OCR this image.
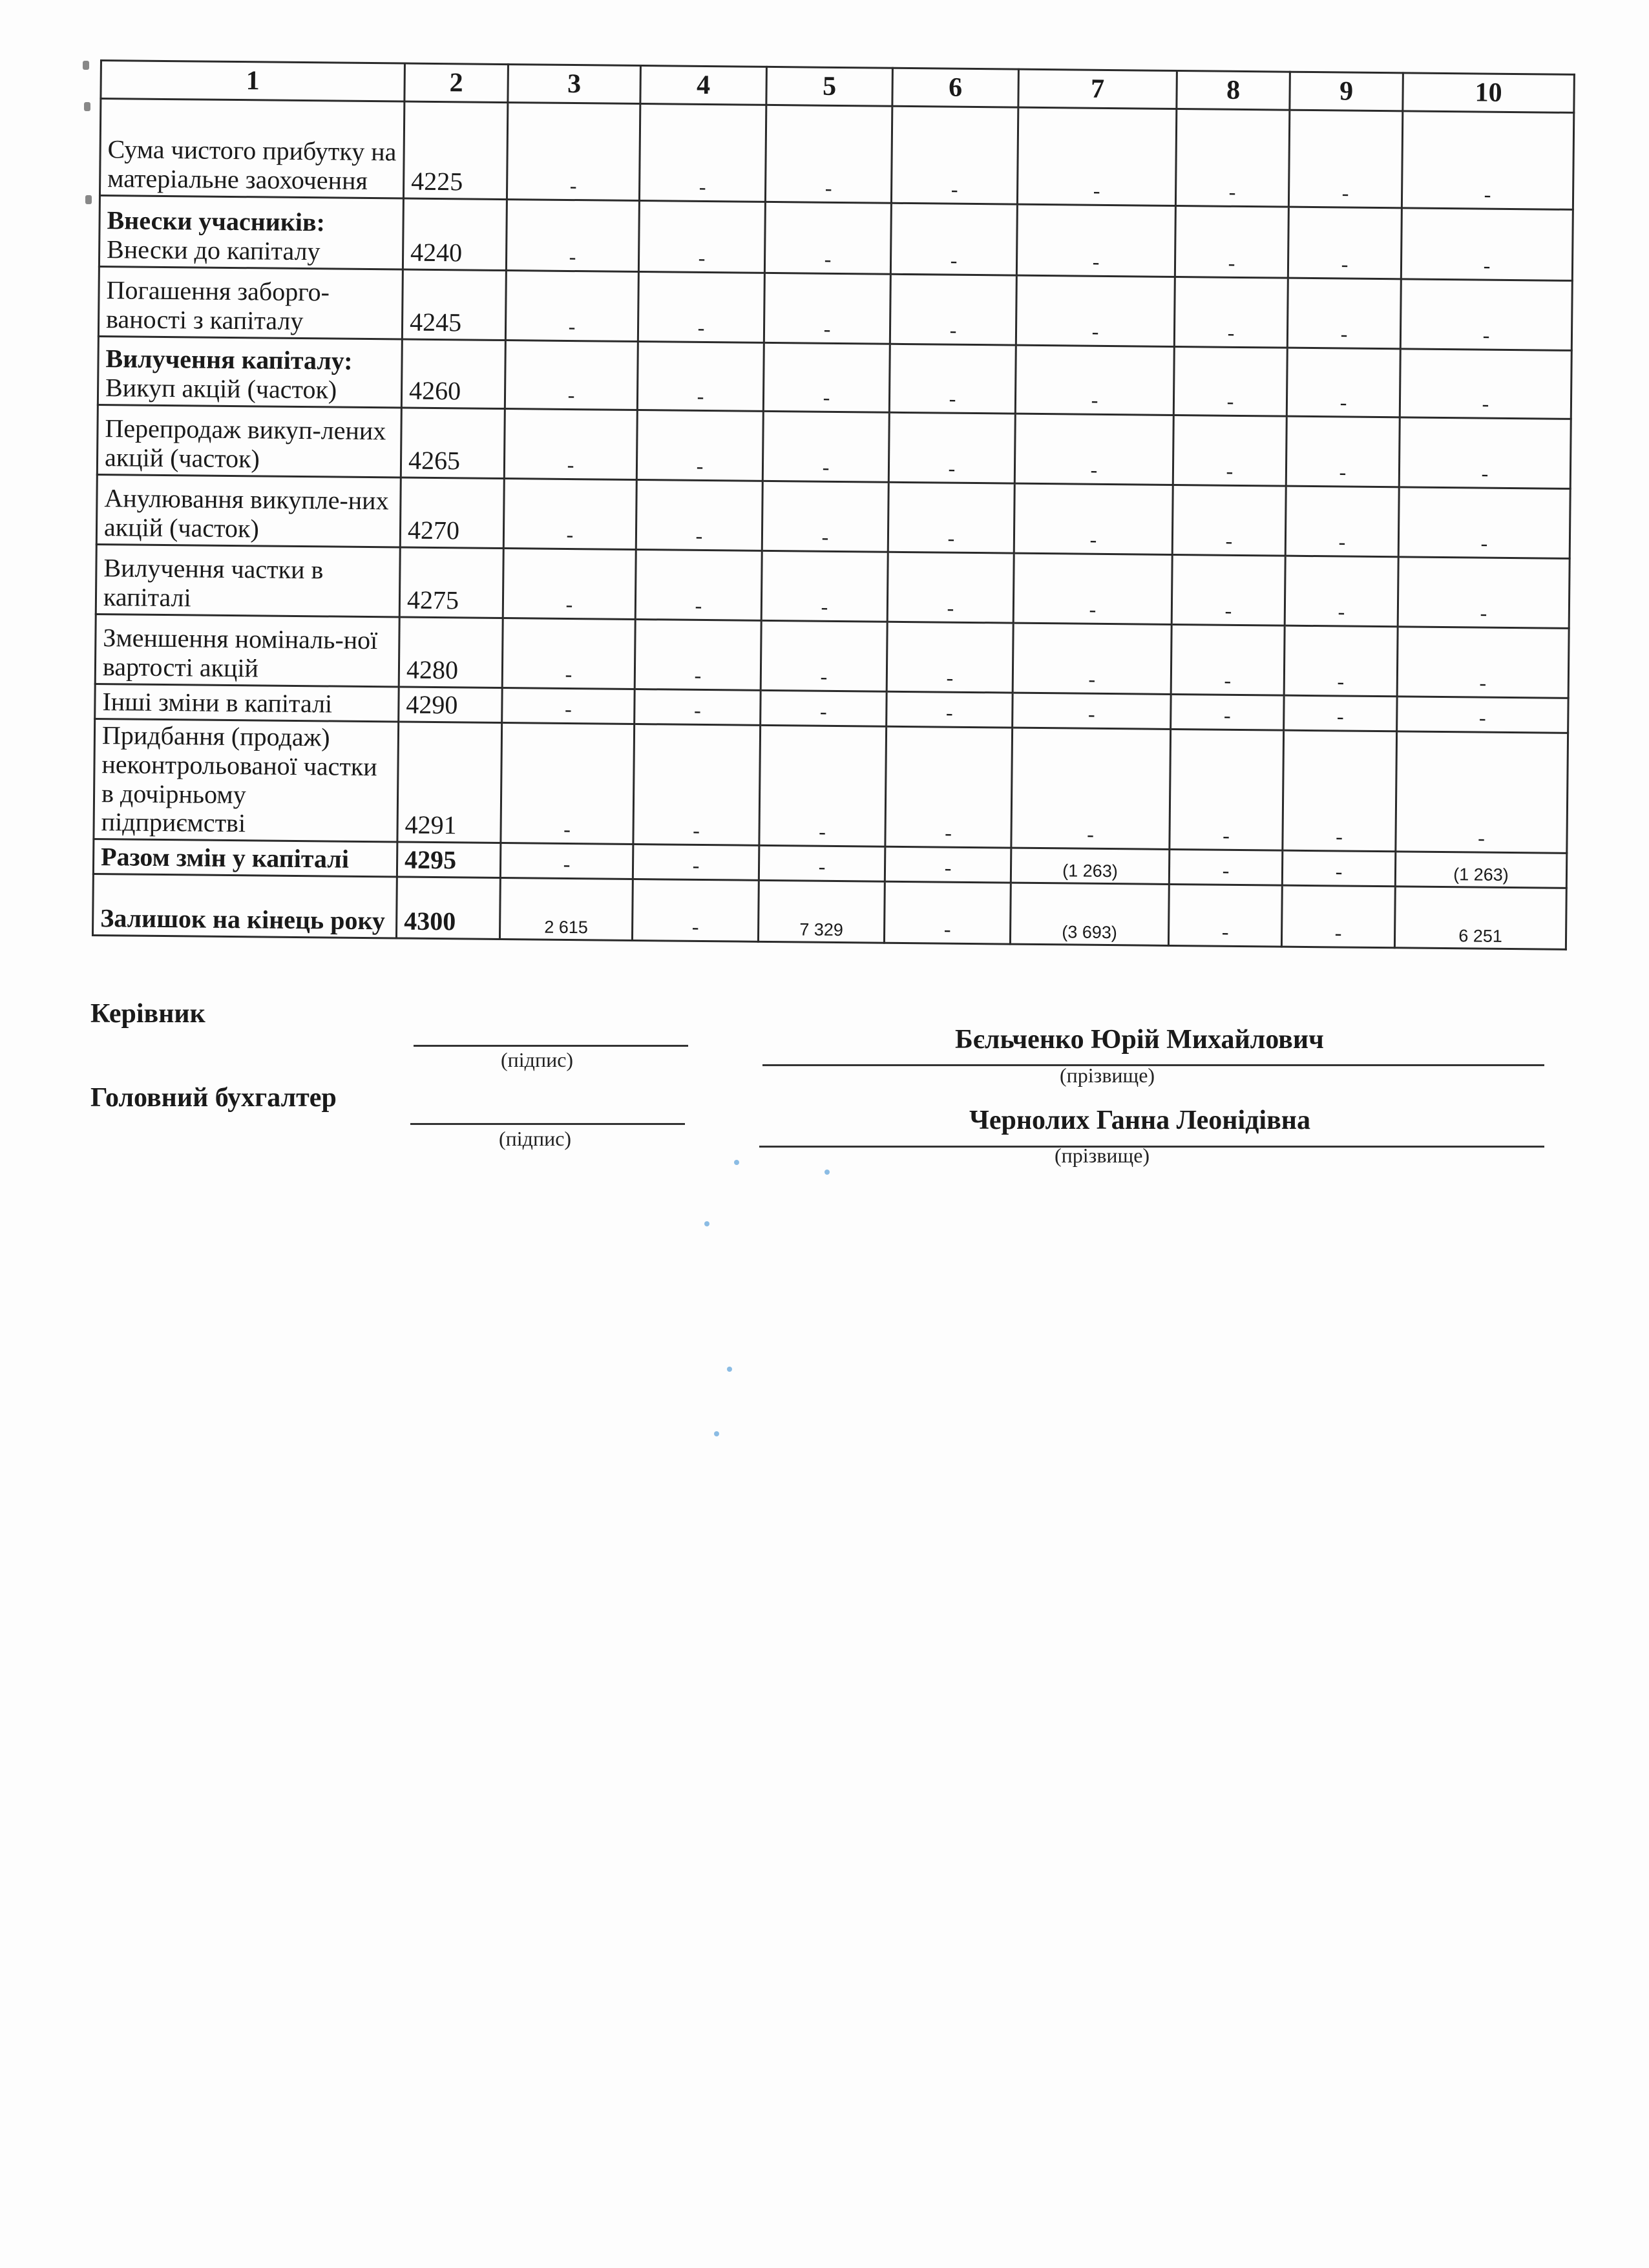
1	2	3	4	5	6	7	8	9	10
Сума чистого прибутку на матеріальне заохочення	4225	-	-	-	-	-	-	-	-
Внески учасників:
Внески до капіталу	4240	-	-	-	-	-	-	-	-
Погашення заборго-ваності з капіталу	4245	-	-	-	-	-	-	-	-
Вилучення капіталу:
Викуп акцій (часток)	4260	-	-	-	-	-	-	-	-
Перепродаж викуп-лених акцій (часток)	4265	-	-	-	-	-	-	-	-
Анулювання викупле-них акцій (часток)	4270	-	-	-	-	-	-	-	-
Вилучення частки в капіталі	4275	-	-	-	-	-	-	-	-
Зменшення номіналь-ної вартості акцій	4280	-	-	-	-	-	-	-	-
Інші зміни в капіталі	4290	-	-	-	-	-	-	-	-
Придбання (продаж) неконтрольованої частки в дочірньому підприємстві	4291	-	-	-	-	-	-	-	-
Разом змін у капіталі	4295	-	-	-	-	(1 263)	-	-	(1 263)
Залишок на кінець року	4300	2 615	-	7 329	-	(3 693)	-	-	6 251
Керівник
(підпис)
Бєльченко Юрій Михайлович
(прізвище)
Головний бухгалтер
(підпис)
Чернолих Ганна Леонідівна
(прізвище)
